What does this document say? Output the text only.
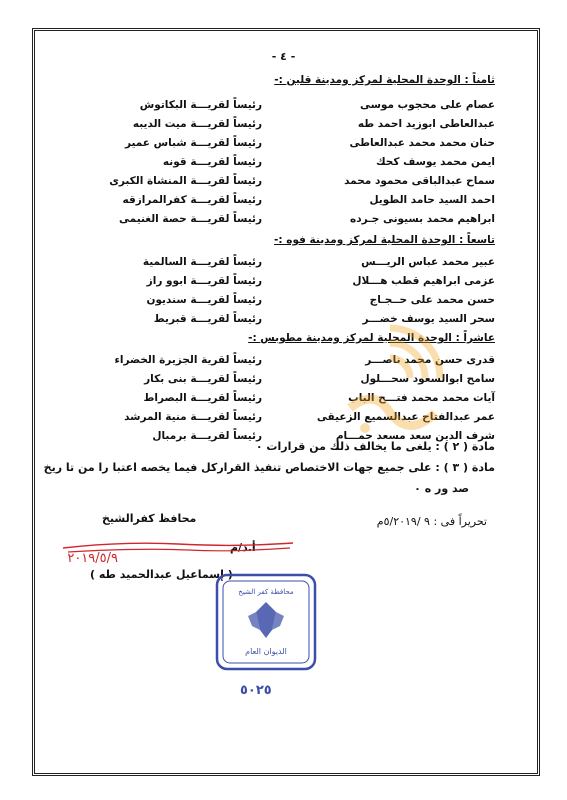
- ٤ -
ثامناً : الوحدة المحلية لمركز ومدينة قلين :-
عصام على محجوب موسى
رئيساً لقريـــة البكاتوش
عبدالعاطى ابوزيد احمد طه
رئيساً لقريـــة ميت الديبه
حنان محمد محمد عبدالعاطى
رئيساً لقريـــة شباس عمير
ايمن محمد يوسف كحك
رئيساً لقريـــة قونه
سماح عبدالباقى محمود محمد
رئيساً لقريـــة المنشاة الكبرى
احمد السيد حامد الطويل
رئيساً لقريـــة كفرالمرازقه
ابراهيم محمد بسيونى جـرده
رئيساً لقريـــة حصة الغنيمى
تاسعاً : الوحدة المحلية لمركز ومدينة فوه :-
عبير محمد عباس الريـــس
رئيساً لقريـــة السالمية
عزمى ابراهيم قطب هـــلال
رئيساً لقريـــة ابوو راز
حسن محمد على حــجـاج
رئيساً لقريـــة سنديون
سحر السيد يوسف خضـــر
رئيساً لقريـــة قبريط
عاشراً : الوحدة المحلية لمركز ومدينة مطوبس :-
قدرى حسن محمد ناصـــر
رئيساً لقرية الجزيرة الخضراء
سامح ابوالسعود سحـــلول
رئيساً لقريـــة بنى بكار
آيات محمد محمد فتـــح الباب
رئيساً لقريـــة البصراط
عمر عبدالفتاح عبدالسميع الزعيقى
رئيساً لقريـــة منية المرشد
شرف الدين سعد مسعد حمـــام
رئيساً لقريـــة برمبال
مادة ( ٢ ) : يلغى ما يخالف ذلك من قرارات ٠
مادة ( ٣ ) : على جميع جهات الاختصاص تنفيذ القراركل فيما يخصه اعتبا را من تا ريخ
صد ور ه ٠
تحريراً فى : ٩ /٥/٢٠١٩م
محافظ كفرالشيخ
أ.د/م
٢٠١٩/٥/٩
( إسماعيل عبدالحميد طه )
محافظة كفر الشيخ
الديوان العام
٥٠٢٥
